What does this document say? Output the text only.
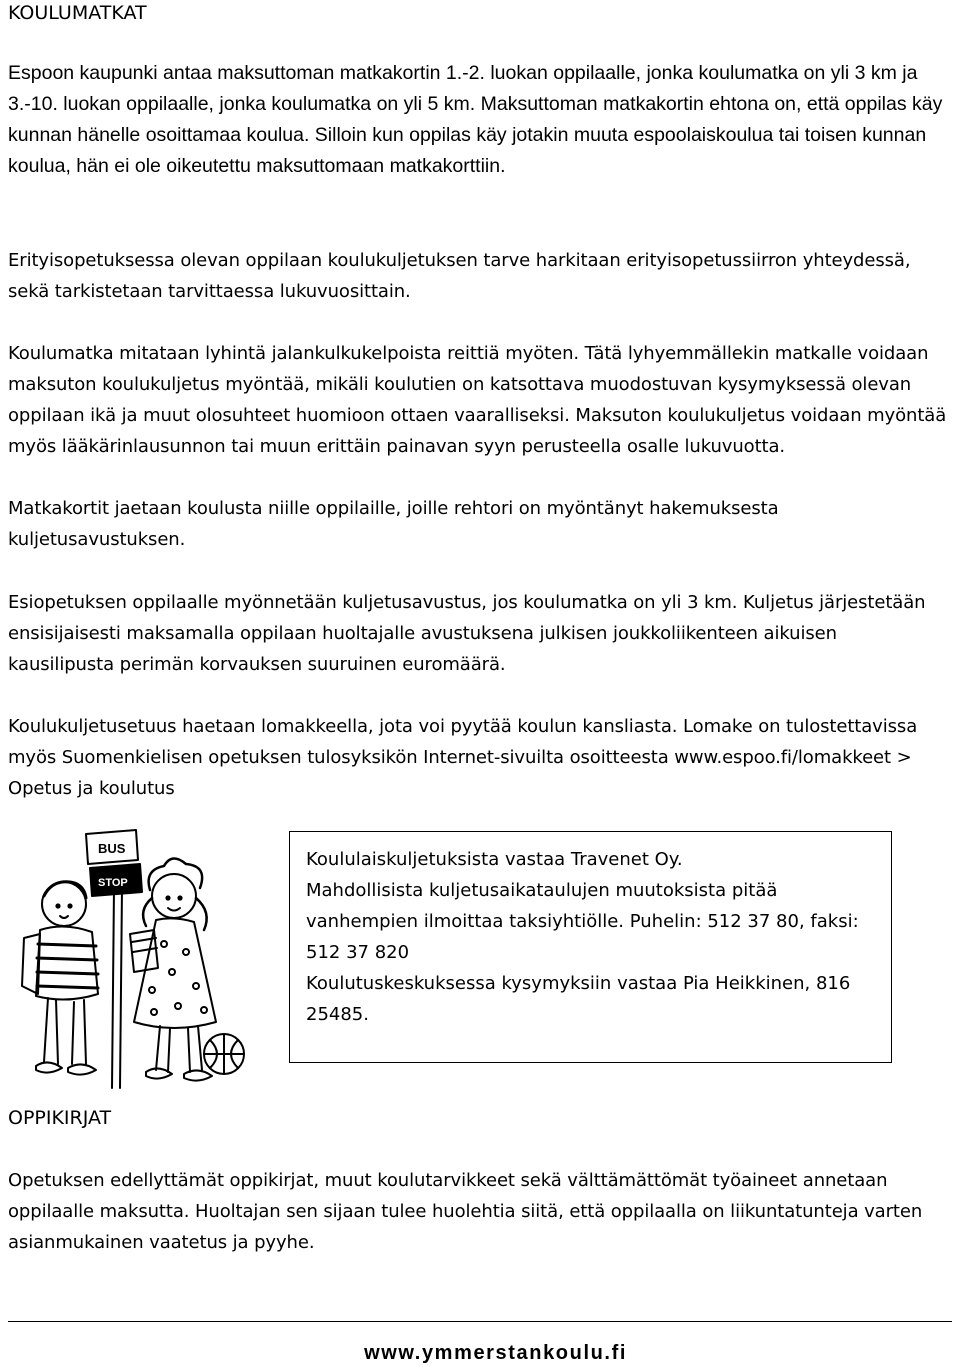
KOULUMATKAT

Espoon kaupunki antaa maksuttoman matkakortin 1.-2. luokan oppilaalle, jonka koulumatka on yli 3 km ja 3.-10. luokan oppilaalle, jonka koulumatka on yli 5 km. Maksuttoman matkakortin ehtona on, että oppilas käy kunnan hänelle osoittamaa koulua. Silloin kun oppilas käy jotakin muuta espoolaiskoulua tai toisen kunnan koulua, hän ei ole oikeutettu maksuttomaan matkakorttiin.

Erityisopetuksessa olevan oppilaan koulukuljetuksen tarve harkitaan erityisopetussiirron yhteydessä, sekä tarkistetaan tarvittaessa lukuvuosittain.

Koulumatka mitataan lyhintä jalankulkukelpoista reittiä myöten. Tätä lyhyemmällekin matkalle voidaan maksuton koulukuljetus myöntää, mikäli koulutien on katsottava muodostuvan kysymyksessä olevan oppilaan ikä ja muut olosuhteet huomioon ottaen vaaralliseksi. Maksuton koulukuljetus voidaan myöntää myös lääkärinlausunnon tai muun erittäin painavan syyn perusteella osalle lukuvuotta.

Matkakortit jaetaan koulusta niille oppilaille, joille rehtori on myöntänyt hakemuksesta kuljetusavustuksen.

Esiopetuksen oppilaalle myönnetään kuljetusavustus, jos koulumatka on yli 3 km. Kuljetus järjestetään ensisijaisesti maksamalla oppilaan huoltajalle avustuksena julkisen joukkoliikenteen aikuisen kausilipusta perimän korvauksen suuruinen euromäärä.

Koulukuljetusetuus haetaan lomakkeella, jota voi pyytää koulun kansliasta. Lomake on tulostettavissa myös Suomenkielisen opetuksen tulosyksikön Internet-sivuilta osoitteesta www.espoo.fi/lomakkeet > Opetus ja koulutus

BUS
STOP

Koululaiskuljetuksista vastaa Travenet Oy.

Mahdollisista kuljetusaikataulujen muutoksista pitää vanhempien ilmoittaa taksiyhtiölle. Puhelin: 512 37 80, faksi: 512 37 820

Koulutuskeskuksessa kysymyksiin vastaa Pia Heikkinen, 816 25485.

OPPIKIRJAT

Opetuksen edellyttämät oppikirjat, muut koulutarvikkeet sekä välttämättömät työaineet annetaan oppilaalle maksutta. Huoltajan sen sijaan tulee huolehtia siitä, että oppilaalla on liikuntatunteja varten asianmukainen vaatetus ja pyyhe.

www.ymmerstankoulu.fi
